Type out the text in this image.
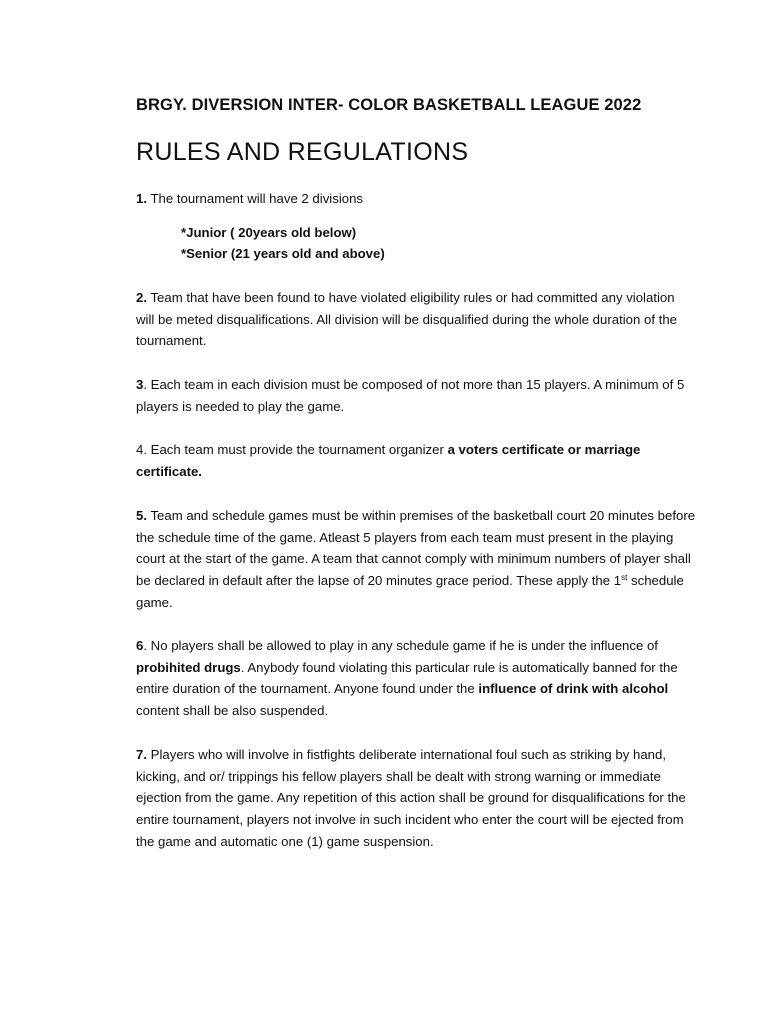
BRGY. DIVERSION INTER- COLOR BASKETBALL LEAGUE 2022
RULES AND REGULATIONS
1. The tournament will have 2 divisions
*Junior ( 20years old below)
*Senior (21 years old and above)
2. Team that have been found to have violated eligibility rules or had committed any violation will be meted disqualifications. All division will be disqualified during the whole duration of the tournament.
3. Each team in each division must be composed of not more than 15 players. A minimum of 5 players is needed to play the game.
4. Each team must provide the tournament organizer a voters certificate or marriage certificate.
5. Team and schedule games must be within premises of the basketball court 20 minutes before the schedule time of the game. Atleast 5 players from each team must present in the playing court at the start of the game. A team that cannot comply with minimum numbers of player shall be declared in default after the lapse of 20 minutes grace period. These apply the 1st schedule game.
6. No players shall be allowed to play in any schedule game if he is under the influence of probihited drugs. Anybody found violating this particular rule is automatically banned for the entire duration of the tournament. Anyone found under the influence of drink with alcohol content shall be also suspended.
7. Players who will involve in fistfights deliberate international foul such as striking by hand, kicking, and or/ trippings his fellow players shall be dealt with strong warning or immediate ejection from the game. Any repetition of this action shall be ground for disqualifications for the entire tournament, players not involve in such incident who enter the court will be ejected from the game and automatic one (1) game suspension.
